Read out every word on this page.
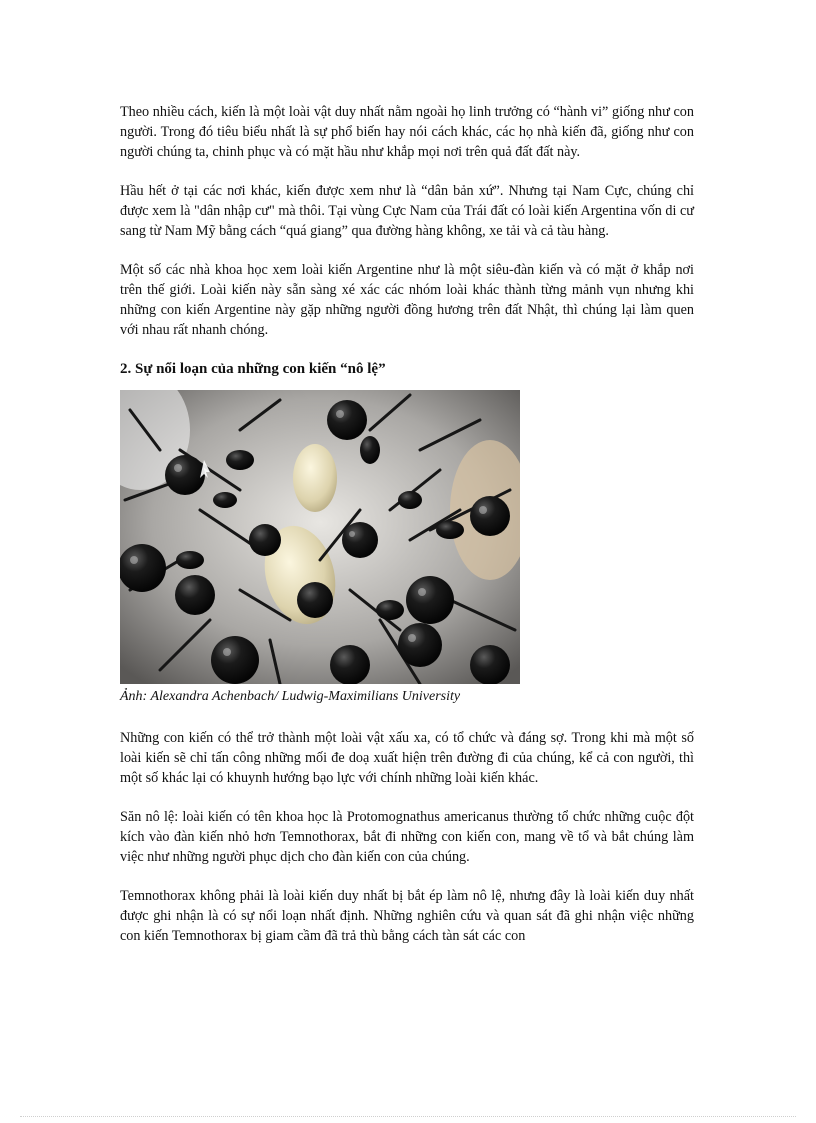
Theo nhiều cách, kiến là một loài vật duy nhất nằm ngoài họ linh trưởng có “hành vi” giống như con người. Trong đó tiêu biểu nhất là sự phổ biến hay nói cách khác, các họ nhà kiến đã, giống như con người chúng ta, chinh phục và có mặt hầu như khắp mọi nơi trên quả đất đất này.

Hầu hết ở tại các nơi khác, kiến được xem như là “dân bản xứ”. Nhưng tại Nam Cực, chúng chỉ được xem là "dân nhập cư" mà thôi. Tại vùng Cực Nam của Trái đất có loài kiến Argentina vốn di cư sang từ Nam Mỹ bằng cách “quá giang” qua đường hàng không, xe tải và cả tàu hàng.

Một số các nhà khoa học xem loài kiến Argentine như là một siêu-đàn kiến và có mặt ở khắp nơi trên thế giới. Loài kiến này sẵn sàng xé xác các nhóm loài khác thành từng mảnh vụn nhưng khi những con kiến Argentine này gặp những người đồng hương trên đất Nhật, thì chúng lại làm quen với nhau rất nhanh chóng.

2. Sự nổi loạn của những con kiến “nô lệ”
Ảnh: Alexandra Achenbach/ Ludwig-Maximilians University

Những con kiến có thể trở thành một loài vật xấu xa, có tổ chức và đáng sợ. Trong khi mà một số loài kiến sẽ chỉ tấn công những mối đe doạ xuất hiện trên đường đi của chúng, kể cả con người, thì một số khác lại có khuynh hướng bạo lực với chính những loài kiến khác.

Săn nô lệ: loài kiến có tên khoa học là Protomognathus americanus thường tổ chức những cuộc đột kích vào đàn kiến nhỏ hơn Temnothorax, bắt đi những con kiến con, mang về tổ và bắt chúng làm việc như những người phục dịch cho đàn kiến con của chúng.

Temnothorax không phải là loài kiến duy nhất bị bắt ép làm nô lệ, nhưng đây là loài kiến duy nhất được ghi nhận là có sự nổi loạn nhất định. Những nghiên cứu và quan sát đã ghi nhận việc những con kiến Temnothorax bị giam cầm đã trả thù bằng cách tàn sát các con
